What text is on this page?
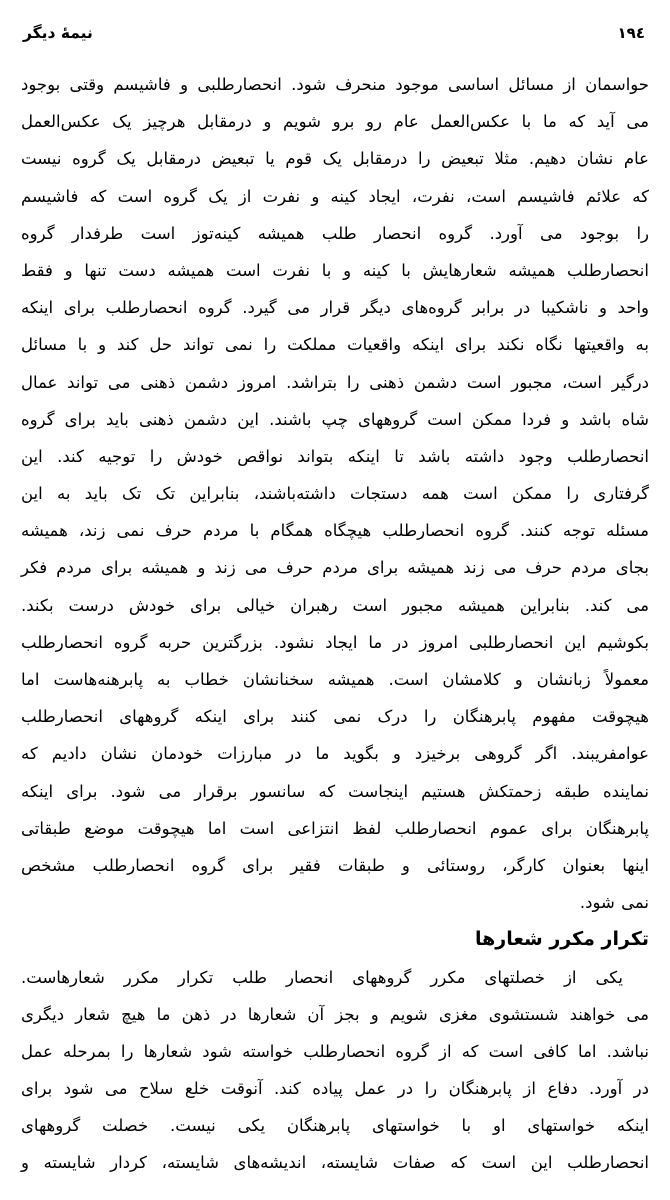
۱۹٤
نیمهٔ دیگر
حواسمان از مسائل اساسی موجود منحرف شود. انحصارطلبی و فاشیسم وقتی بوجود
می آید که ما با عکس‌العمل عام رو برو شویم و درمقابل هرچیز یک عکس‌العمل
عام نشان دهیم. مثلا تبعیض را درمقابل یک قوم یا تبعیض درمقابل یک گروه نیست
که علائم فاشیسم است، نفرت، ایجاد کینه و نفرت از یک گروه است که فاشیسم
را بوجود می آورد. گروه انحصار طلب همیشه کینه‌توز است طرفدار گروه
انحصارطلب همیشه شعارهایش با کینه و با نفرت است همیشه دست تنها و فقط
واحد و ناشکیبا در برابر گروه‌های دیگر قرار می گیرد. گروه انحصارطلب برای اینکه
به واقعیتها نگاه نکند برای اینکه واقعیات مملکت را نمی تواند حل کند و با مسائل
درگیر است، مجبور است دشمن ذهنی را بتراشد. امروز دشمن ذهنی می تواند عمال
شاه باشد و فردا ممکن است گروههای چپ باشند. این دشمن ذهنی باید برای گروه
انحصارطلب وجود داشته باشد تا اینکه بتواند نواقص خودش را توجیه کند. این
گرفتاری را ممکن است همه دستجات داشته‌باشند، بنابراین تک تک باید به این
مسئله توجه کنند. گروه انحصارطلب هیچگاه همگام با مردم حرف نمی زند، همیشه
بجای مردم حرف می زند همیشه برای مردم حرف می زند و همیشه برای مردم فکر
می کند. بنابراین همیشه مجبور است رهبران خیالی برای خودش درست بکند.
بکوشیم این انحصارطلبی امروز در ما ایجاد نشود. بزرگترین حربه گروه انحصارطلب
معمولاً زبانشان و کلامشان است. همیشه سخنانشان خطاب به پابرهنه‌هاست اما
هیچوقت مفهوم پابرهنگان را درک نمی کنند برای اینکه گروههای انحصارطلب
عوامفریبند. اگر گروهی برخیزد و بگوید ما در مبارزات خودمان نشان دادیم که
نماینده طبقه زحمتکش هستیم اینجاست که سانسور برقرار می شود. برای اینکه
پابرهنگان برای عموم انحصارطلب لفظ انتزاعی است اما هیچوقت موضع طبقاتی
اینها بعنوان کارگر، روستائی و طبقات فقیر برای گروه انحصارطلب مشخص
نمی شود.
تکرار مکرر شعارها
یکی از خصلتهای مکرر گروههای انحصار طلب تکرار مکرر شعارهاست.
می خواهند شستشوی مغزی شویم و بجز آن شعارها در ذهن ما هیچ شعار دیگری
نباشد. اما کافی است که از گروه انحصارطلب خواسته شود شعارها را بمرحله عمل
در آورد. دفاع از پابرهنگان را در عمل پیاده کند. آنوقت خلع سلاح می شود برای
اینکه خواستهای او با خواستهای پابرهنگان یکی نیست. خصلت گروههای
انحصارطلب این است که صفات شایسته، اندیشه‌های شایسته، کردار شایسته و
